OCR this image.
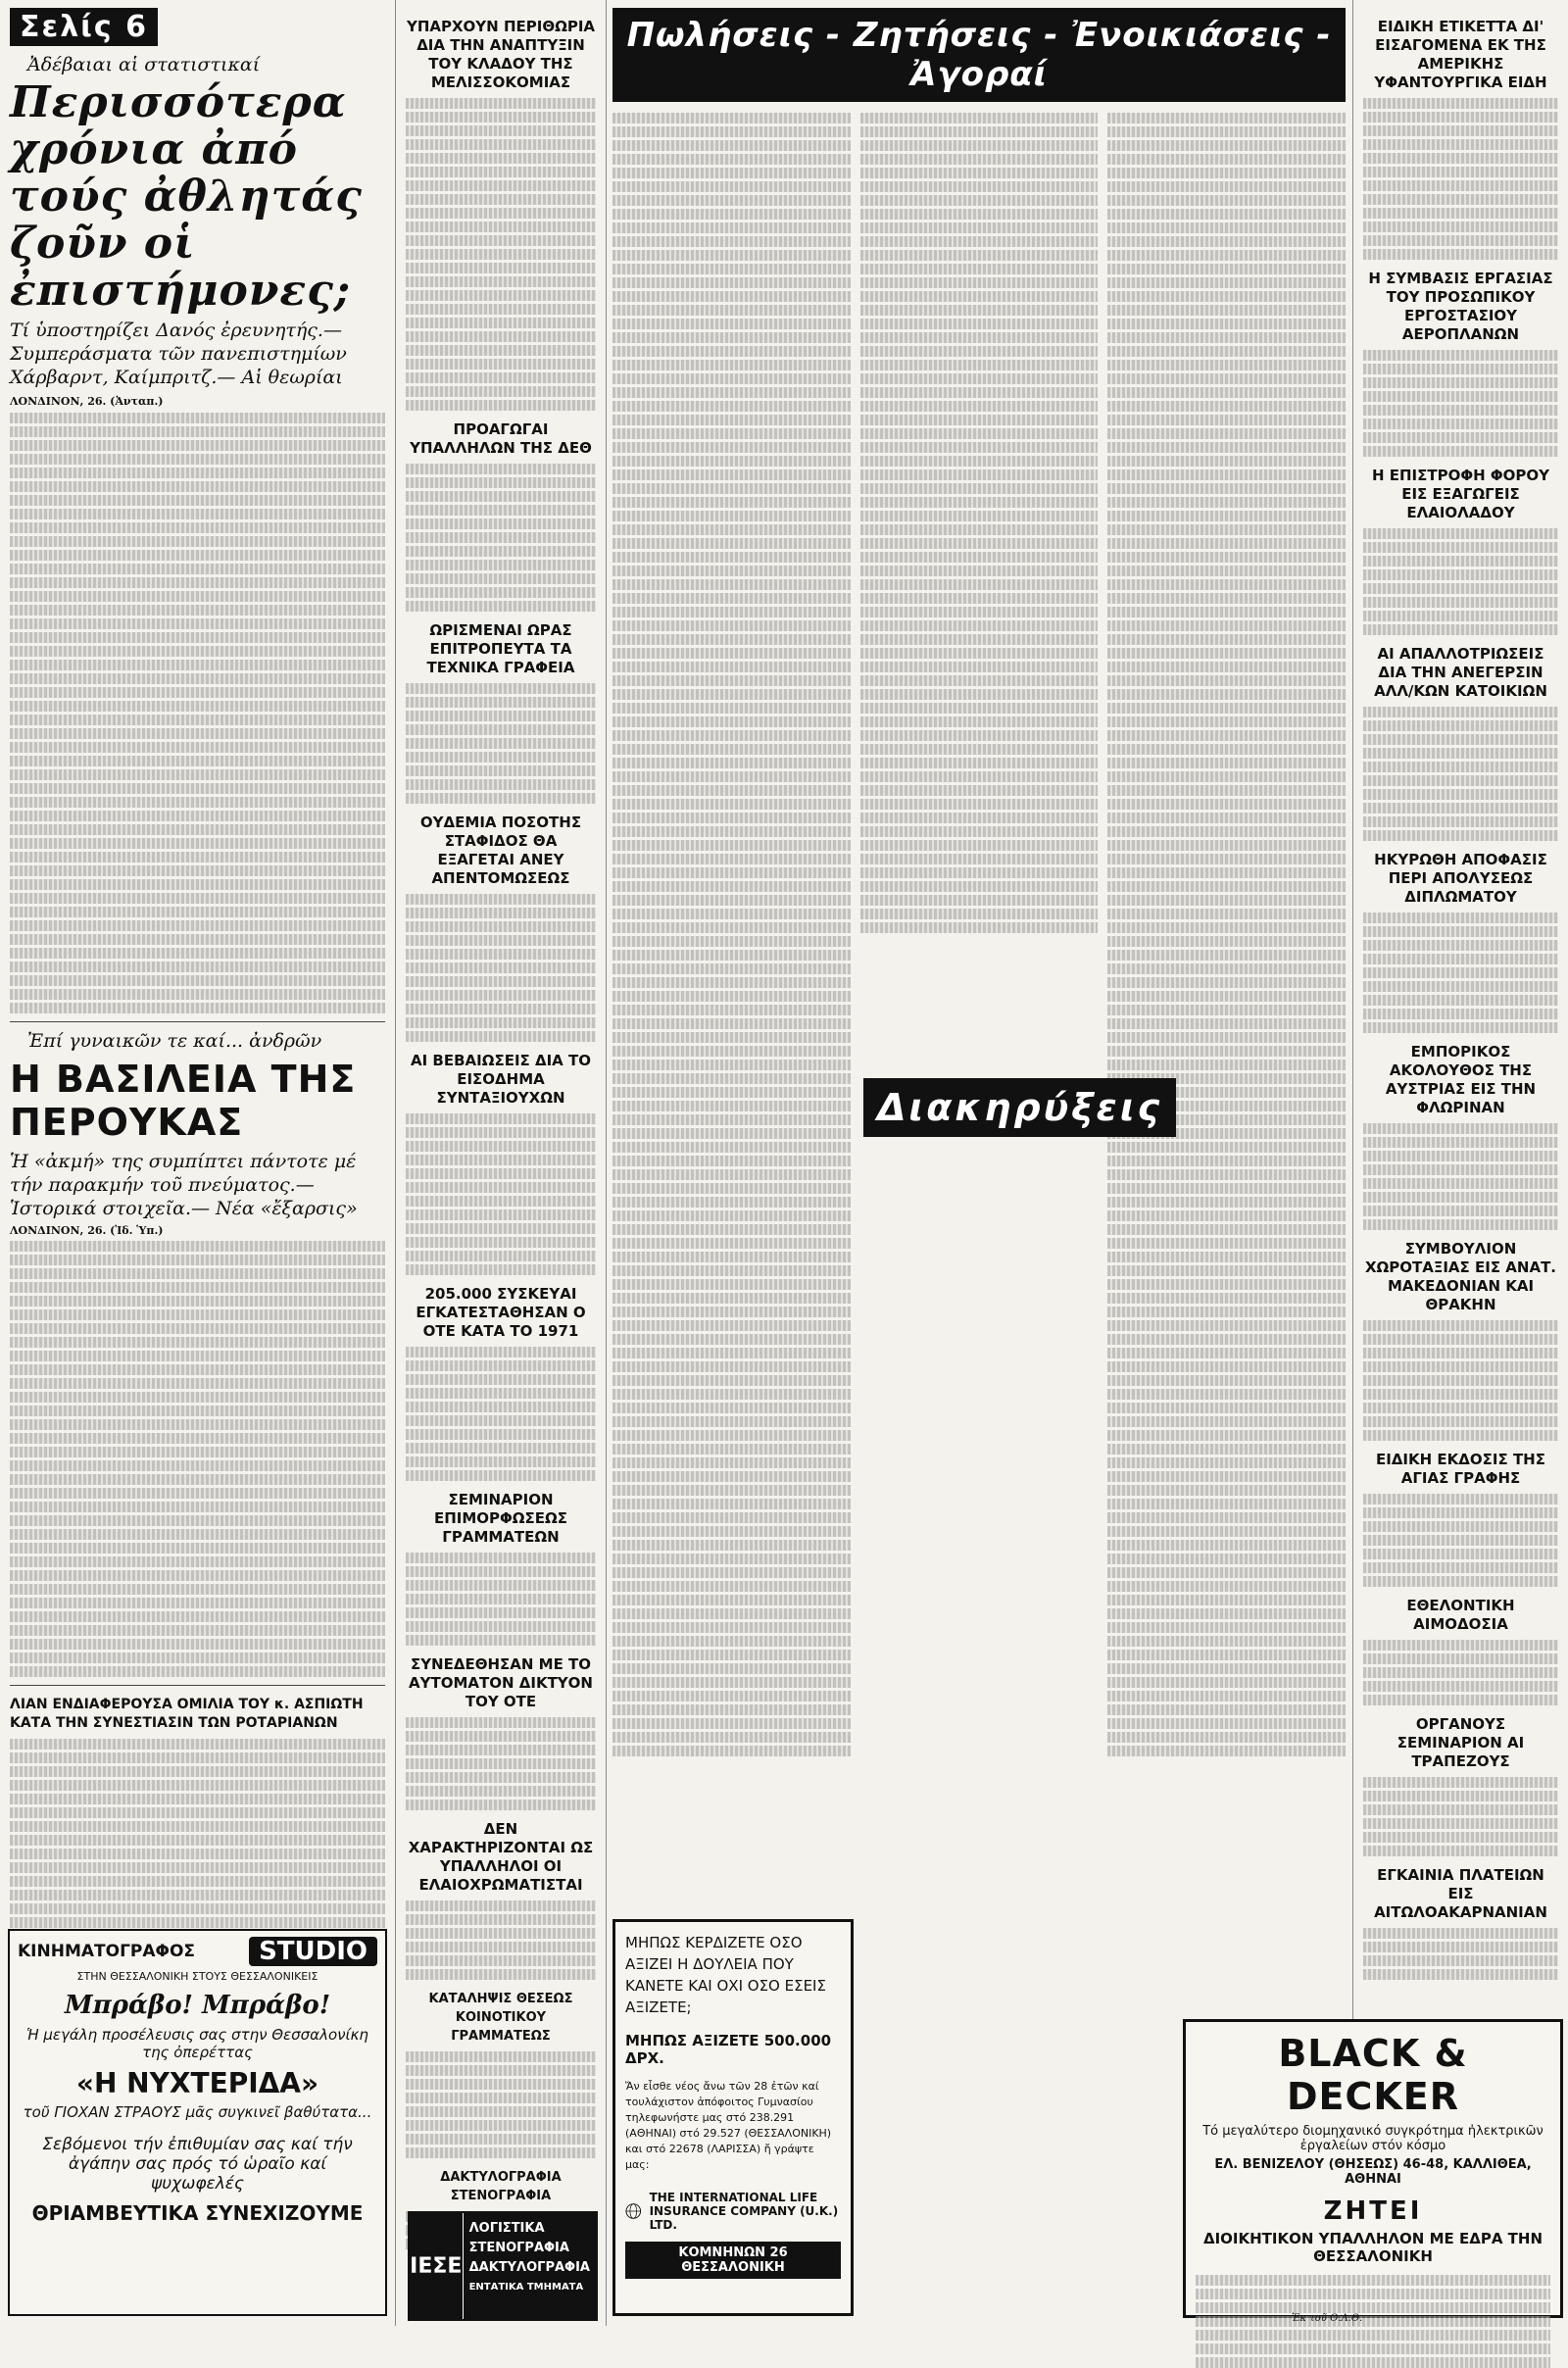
Σελίς 6
Ἀδέβαιαι αἱ στατιστικαί
Περισσότερα χρόνια ἀπό τούς ἀθλητάς ζοῦν οἱ ἐπιστήμονες;
Τί ὑποστηρίζει Δανός ἐρευνητής.— Συμπεράσματα τῶν πανεπιστημίων Χάρβαρντ, Καίμπριτζ.— Αἱ θεωρίαι
ΛΟΝΔΙΝΟΝ, 26. (Ἀνταπ.)
Ἐπί γυναικῶν τε καί... ἀνδρῶν
Η ΒΑΣΙΛΕΙΑ ΤΗΣ ΠΕΡΟΥΚΑΣ
Ἡ «ἀκμή» της συμπίπτει πάντοτε μέ τήν παρακμήν τοῦ πνεύματος.— Ἱστορικά στοιχεῖα.— Νέα «ἔξαρσις»
ΛΟΝΔΙΝΟΝ, 26. (Ἰδ. Ὑπ.)
ΛΙΑΝ ΕΝΔΙΑΦΕΡΟΥΣΑ ΟΜΙΛΙΑ ΤΟΥ κ. ΑΣΠΙΩΤΗ ΚΑΤΑ ΤΗΝ ΣΥΝΕΣΤΙΑΣΙΝ ΤΩΝ ΡΟΤΑΡΙΑΝΩΝ
ΚΙΝΗΜΑΤΟΓΡΑΦΟΣ	STUDIO
ΣΤΗΝ ΘΕΣΣΑΛΟΝΙΚΗ ΣΤΟΥΣ ΘΕΣΣΑΛΟΝΙΚΕΙΣ
Μπράβο! Μπράβο!
Ἡ μεγάλη προσέλευσις σας στην Θεσσαλονίκη της ὀπερέττας
«Η ΝΥΧΤΕΡΙΔΑ»
τοῦ ΓΙΟΧΑΝ ΣΤΡΑΟΥΣ μᾶς συγκινεῖ βαθύτατα...
Σεβόμενοι τήν ἐπιθυμίαν σας καί τήν ἀγάπην σας πρός τό ὡραῖο καί ψυχωφελές
ΘΡΙΑΜΒΕΥΤΙΚΑ ΣΥΝΕΧΙΖΟΥΜΕ
ΥΠΑΡΧΟΥΝ ΠΕΡΙΘΩΡΙΑ ΔΙΑ ΤΗΝ ΑΝΑΠΤΥΞΙΝ ΤΟΥ ΚΛΑΔΟΥ ΤΗΣ ΜΕΛΙΣΣΟΚΟΜΙΑΣ
ΠΡΟΑΓΩΓΑΙ ΥΠΑΛΛΗΛΩΝ ΤΗΣ ΔΕΘ
ΩΡΙΣΜΕΝΑΙ ΩΡΑΣ ΕΠΙΤΡΟΠΕΥΤΑ ΤΑ ΤΕΧΝΙΚΑ ΓΡΑΦΕΙΑ
ΟΥΔΕΜΙΑ ΠΟΣΟΤΗΣ ΣΤΑΦΙΔΟΣ ΘΑ ΕΞΑΓΕΤΑΙ ΑΝΕΥ ΑΠΕΝΤΟΜΩΣΕΩΣ
ΑΙ ΒΕΒΑΙΩΣΕΙΣ ΔΙΑ ΤΟ ΕΙΣΟΔΗΜΑ ΣΥΝΤΑΞΙΟΥΧΩΝ
205.000 ΣΥΣΚΕΥΑΙ ΕΓΚΑΤΕΣΤΑΘΗΣΑΝ Ο ΟΤΕ ΚΑΤΑ ΤΟ 1971
ΣΕΜΙΝΑΡΙΟΝ ΕΠΙΜΟΡΦΩΣΕΩΣ ΓΡΑΜΜΑΤΕΩΝ
ΣΥΝΕΔΕΘΗΣΑΝ ΜΕ ΤΟ ΑΥΤΟΜΑΤΟΝ ΔΙΚΤΥΟΝ ΤΟΥ ΟΤΕ
ΔΕΝ ΧΑΡΑΚΤΗΡΙΖΟΝΤΑΙ ΩΣ ΥΠΑΛΛΗΛΟΙ ΟΙ ΕΛΑΙΟΧΡΩΜΑΤΙΣΤΑΙ
ΚΑΤΑΛΗΨΙΣ ΘΕΣΕΩΣ ΚΟΙΝΟΤΙΚΟΥ ΓΡΑΜΜΑΤΕΩΣ
ΔΑΚΤΥΛΟΓΡΑΦΙΑ ΣΤΕΝΟΓΡΑΦΙΑ
ΙΕΣΕ
ΛΟΓΙΣΤΙΚΑ
ΣΤΕΝΟΓΡΑΦΙΑ
ΔΑΚΤΥΛΟΓΡΑΦΙΑ
ΕΝΤΑΤΙΚΑ ΤΜΗΜΑΤΑ
Πωλήσεις - Ζητήσεις - Ἐνοικιάσεις - Ἀγοραί
Διακηρύξεις
ΜΗΠΩΣ ΚΕΡΔΙΖΕΤΕ ΟΣΟ ΑΞΙΖΕΙ Η ΔΟΥΛΕΙΑ ΠΟΥ ΚΑΝΕΤΕ ΚΑΙ ΟΧΙ ΟΣΟ ΕΣΕΙΣ ΑΞΙΖΕΤΕ;
ΜΗΠΩΣ ΑΞΙΖΕΤΕ 500.000 ΔΡΧ.
Ἄν εἶσθε νέος ἄνω τῶν 28 ἐτῶν καί τουλάχιστον ἀπόφοιτος Γυμνασίου τηλεφωνήστε μας στό 238.291 (ΑΘΗΝΑΙ) στό 29.527 (ΘΕΣΣΑΛΟΝΙΚΗ) και στό 22678 (ΛΑΡΙΣΣΑ) ἤ γράψτε μας:
THE INTERNATIONAL LIFE INSURANCE COMPANY (U.K.) LTD.
ΚΟΜΝΗΝΩΝ 26 ΘΕΣΣΑΛΟΝΙΚΗ
ΕΙΔΙΚΗ ΕΤΙΚΕΤΤΑ ΔΙ' ΕΙΣΑΓΟΜΕΝΑ ΕΚ ΤΗΣ ΑΜΕΡΙΚΗΣ ΥΦΑΝΤΟΥΡΓΙΚΑ ΕΙΔΗ
Η ΣΥΜΒΑΣΙΣ ΕΡΓΑΣΙΑΣ ΤΟΥ ΠΡΟΣΩΠΙΚΟΥ ΕΡΓΟΣΤΑΣΙΟΥ ΑΕΡΟΠΛΑΝΩΝ
Η ΕΠΙΣΤΡΟΦΗ ΦΟΡΟΥ ΕΙΣ ΕΞΑΓΩΓΕΙΣ ΕΛΑΙΟΛΑΔΟΥ
ΑΙ ΑΠΑΛΛΟΤΡΙΩΣΕΙΣ ΔΙΑ ΤΗΝ ΑΝΕΓΕΡΣΙΝ ΑΛΛ/ΚΩΝ ΚΑΤΟΙΚΙΩΝ
ΗΚΥΡΩΘΗ ΑΠΟΦΑΣΙΣ ΠΕΡΙ ΑΠΟΛΥΣΕΩΣ ΔΙΠΛΩΜΑΤΟΥ
ΕΜΠΟΡΙΚΟΣ ΑΚΟΛΟΥΘΟΣ ΤΗΣ ΑΥΣΤΡΙΑΣ ΕΙΣ ΤΗΝ ΦΛΩΡΙΝΑΝ
ΣΥΜΒΟΥΛΙΟΝ ΧΩΡΟΤΑΞΙΑΣ ΕΙΣ ΑΝΑΤ. ΜΑΚΕΔΟΝΙΑΝ ΚΑΙ ΘΡΑΚΗΝ
ΕΙΔΙΚΗ ΕΚΔΟΣΙΣ ΤΗΣ ΑΓΙΑΣ ΓΡΑΦΗΣ
ΕΘΕΛΟΝΤΙΚΗ ΑΙΜΟΔΟΣΙΑ
ΟΡΓΑΝΟΥΣ ΣΕΜΙΝΑΡΙΟΝ ΑΙ ΤΡΑΠΕΖΟΥΣ
ΕΓΚΑΙΝΙΑ ΠΛΑΤΕΙΩΝ ΕΙΣ ΑΙΤΩΛΟΑΚΑΡΝΑΝΙΑΝ
BLACK & DECKER
Τό μεγαλύτερο διομηχανικό συγκρότημα ἠλεκτρικῶν ἐργαλείων στόν κόσμο
ΕΛ. ΒΕΝΙΖΕΛΟΥ (ΘΗΣΕΩΣ) 46-48, ΚΑΛΛΙΘΕΑ, ΑΘΗΝΑΙ
ΖΗΤΕΙ
ΔΙΟΙΚΗΤΙΚΟΝ ΥΠΑΛΛΗΛΟΝ ΜΕ ΕΔΡΑ ΤΗΝ ΘΕΣΣΑΛΟΝΙΚΗ
Ἐκ τοῦ Ο.Λ.Θ.
